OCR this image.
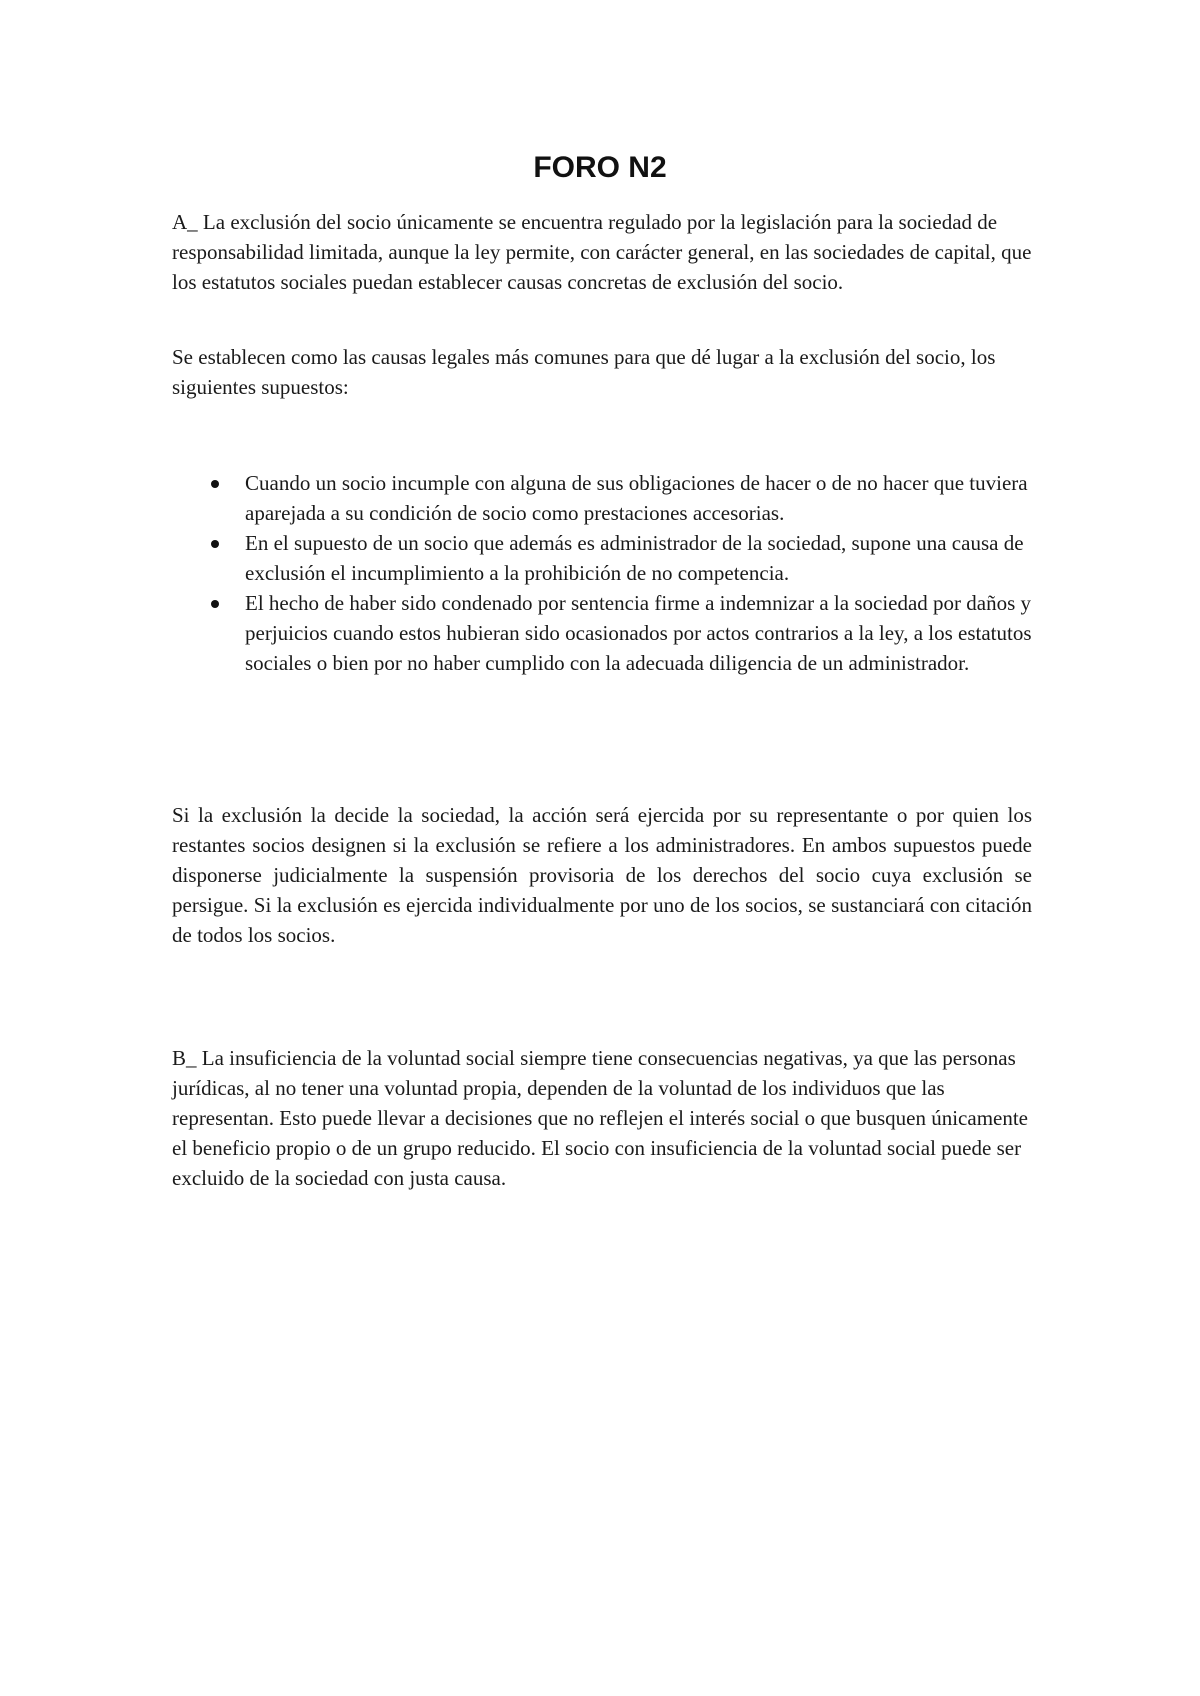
FORO N2

A_ La exclusión del socio únicamente se encuentra regulado por la legislación para la sociedad de responsabilidad limitada, aunque la ley permite, con carácter general, en las sociedades de capital, que los estatutos sociales puedan establecer causas concretas de exclusión del socio.

Se establecen como las causas legales más comunes para que dé lugar a la exclusión del socio, los siguientes supuestos:

Cuando un socio incumple con alguna de sus obligaciones de hacer o de no hacer que tuviera aparejada a su condición de socio como prestaciones accesorias.
En el supuesto de un socio que además es administrador de la sociedad, supone una causa de exclusión el incumplimiento a la prohibición de no competencia.
El hecho de haber sido condenado por sentencia firme a indemnizar a la sociedad por daños y perjuicios cuando estos hubieran sido ocasionados por actos contrarios a la ley, a los estatutos sociales o bien por no haber cumplido con la adecuada diligencia de un administrador.

Si la exclusión la decide la sociedad, la acción será ejercida por su representante o por quien los restantes socios designen si la exclusión se refiere a los administradores. En ambos supuestos puede disponerse judicialmente la suspensión provisoria de los derechos del socio cuya exclusión se persigue. Si la exclusión es ejercida individualmente por uno de los socios, se sustanciará con citación de todos los socios.

B_ La insuficiencia de la voluntad social siempre tiene consecuencias negativas, ya que las personas jurídicas, al no tener una voluntad propia, dependen de la voluntad de los individuos que las representan. Esto puede llevar a decisiones que no reflejen el interés social o que busquen únicamente el beneficio propio o de un grupo reducido. El socio con insuficiencia de la voluntad social puede ser excluido de la sociedad con justa causa.
